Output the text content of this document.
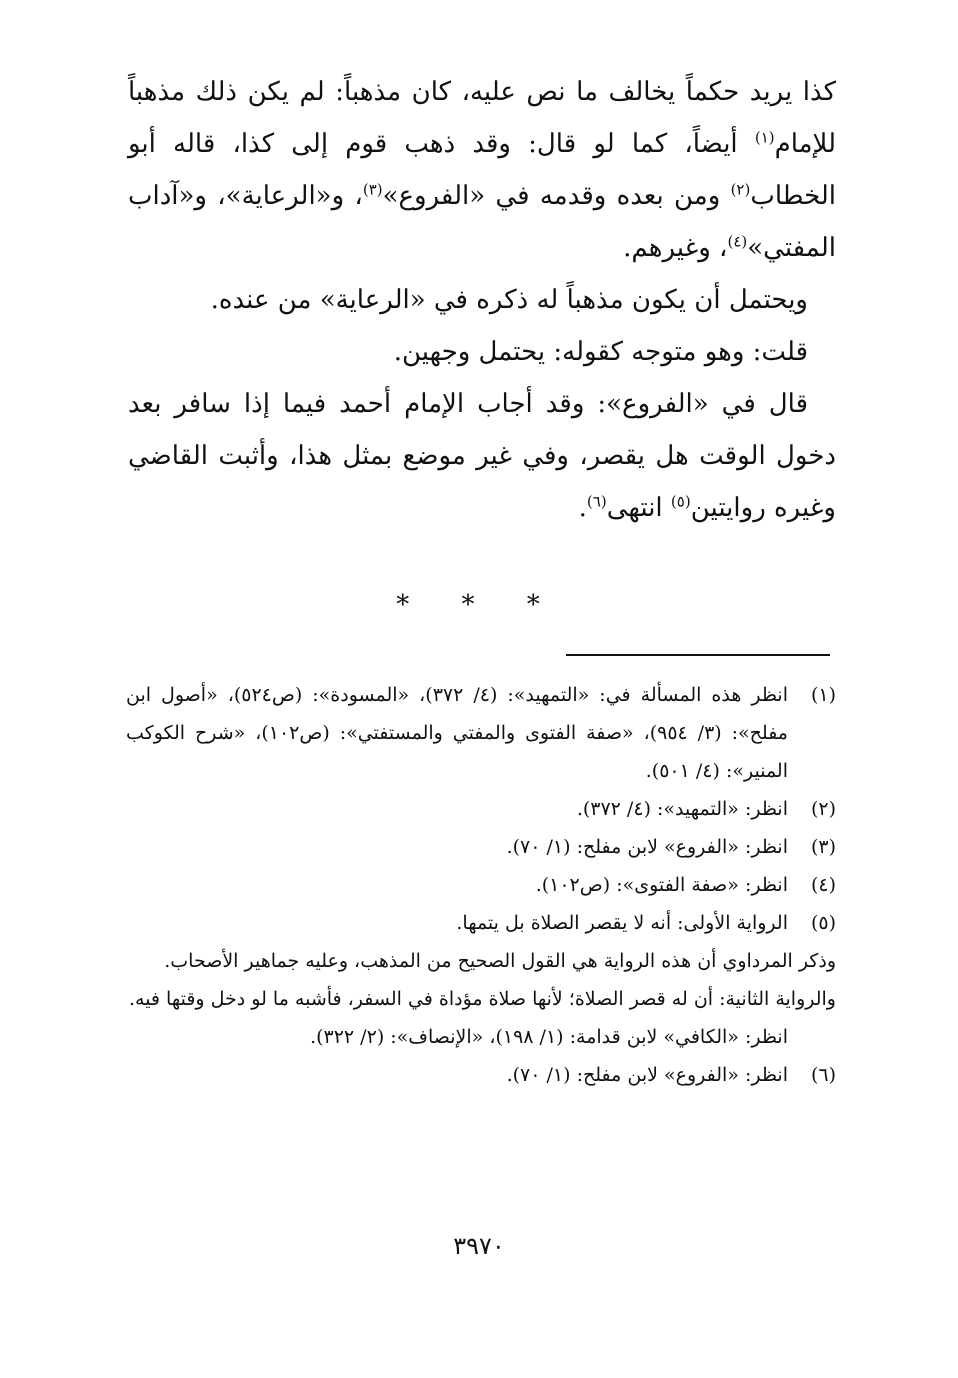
كذا يريد حكماً يخالف ما نص عليه، كان مذهباً: لم يكن ذلك مذهباً للإمام$^{(١)}$ أيضاً، كما لو قال: وقد ذهب قوم إلى كذا، قاله أبو الخطاب$^{(٢)}$ ومن بعده وقدمه في «الفروع»$^{(٣)}$، و«الرعاية»، و«آداب المفتي»$^{(٤)}$، وغيرهم.

ويحتمل أن يكون مذهباً له ذكره في «الرعاية» من عنده.

قلت: وهو متوجه كقوله: يحتمل وجهين.

قال في «الفروع»: وقد أجاب الإمام أحمد فيما إذا سافر بعد دخول الوقت هل يقصر، وفي غير موضع بمثل هذا، وأثبت القاضي وغيره روايتين$^{(٥)}$ انتهى$^{(٦)}$.

* * *
(١)
انظر هذه المسألة في: «التمهيد»: (٤/ ٣٧٢)، «المسودة»: (ص٥٢٤)، «أصول ابن مفلح»: (٣/ ٩٥٤)، «صفة الفتوى والمفتي والمستفتي»: (ص١٠٢)، «شرح الكوكب المنير»: (٤/ ٥٠١).
(٢)
انظر: «التمهيد»: (٤/ ٣٧٢).
(٣)
انظر: «الفروع» لابن مفلح: (١/ ٧٠).
(٤)
انظر: «صفة الفتوى»: (ص١٠٢).
(٥)
الرواية الأولى: أنه لا يقصر الصلاة بل يتمها.
وذكر المرداوي أن هذه الرواية هي القول الصحيح من المذهب، وعليه جماهير الأصحاب.
والرواية الثانية: أن له قصر الصلاة؛ لأنها صلاة مؤداة في السفر، فأشبه ما لو دخل وقتها فيه.
انظر: «الكافي» لابن قدامة: (١/ ١٩٨)، «الإنصاف»: (٢/ ٣٢٢).
(٦)
انظر: «الفروع» لابن مفلح: (١/ ٧٠).
٣٩٧٠
